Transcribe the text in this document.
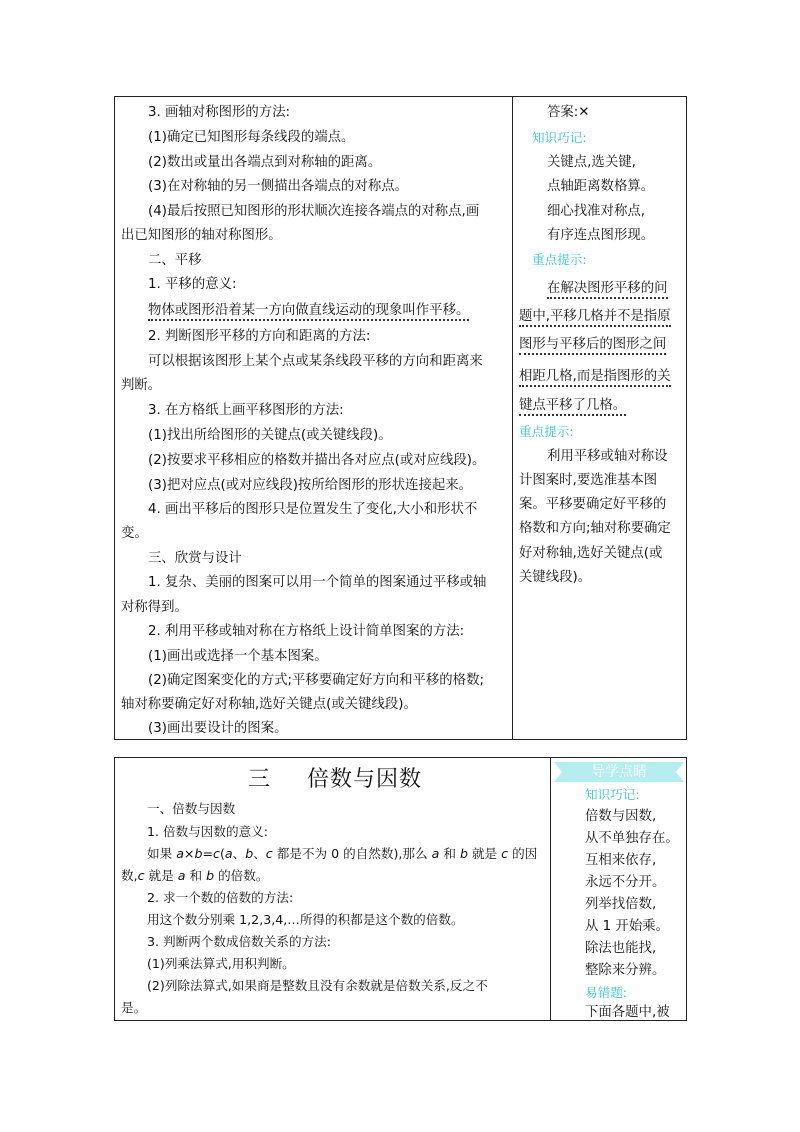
3. 画轴对称图形的方法:
(1)确定已知图形每条线段的端点。
(2)数出或量出各端点到对称轴的距离。
(3)在对称轴的另一侧描出各端点的对称点。
(4)最后按照已知图形的形状顺次连接各端点的对称点,画
出已知图形的轴对称图形。
二、平移
1. 平移的意义:
物体或图形沿着某一方向做直线运动的现象叫作平移。
2. 判断图形平移的方向和距离的方法:
可以根据该图形上某个点或某条线段平移的方向和距离来
判断。
3. 在方格纸上画平移图形的方法:
(1)找出所给图形的关键点(或关键线段)。
(2)按要求平移相应的格数并描出各对应点(或对应线段)。
(3)把对应点(或对应线段)按所给图形的形状连接起来。
4. 画出平移后的图形只是位置发生了变化,大小和形状不
变。
三、欣赏与设计
1. 复杂、美丽的图案可以用一个简单的图案通过平移或轴
对称得到。
2. 利用平移或轴对称在方格纸上设计简单图案的方法:
(1)画出或选择一个基本图案。
(2)确定图案变化的方式;平移要确定好方向和平移的格数;
轴对称要确定好对称轴,选好关键点(或关键线段)。
(3)画出要设计的图案。
答案:✕
知识巧记:
关键点,选关键,
点轴距离数格算。
细心找准对称点,
有序连点图形现。
重点提示:
在解决图形平移的问
题中,平移几格并不是指原
图形与平移后的图形之间
相距几格,而是指图形的关
键点平移了几格。
重点提示:
利用平移或轴对称设
计图案时,要选准基本图
案。平移要确定好平移的
格数和方向;轴对称要确定
好对称轴,选好关键点(或
关键线段)。
三 倍数与因数
一、倍数与因数
1. 倍数与因数的意义:
如果 a×b=c(a、b、c 都是不为 0 的自然数),那么 a 和 b 就是 c 的因
数,c 就是 a 和 b 的倍数。
2. 求一个数的倍数的方法:
用这个数分别乘 1,2,3,4,…所得的积都是这个数的倍数。
3. 判断两个数成倍数关系的方法:
(1)列乘法算式,用积判断。
(2)列除法算式,如果商是整数且没有余数就是倍数关系,反之不
是。
导学点睛
知识巧记:
倍数与因数,
从不单独存在。
互相来依存,
永远不分开。
列举找倍数,
从 1 开始乘。
除法也能找,
整除来分辨。
易错题:
下面各题中,被
